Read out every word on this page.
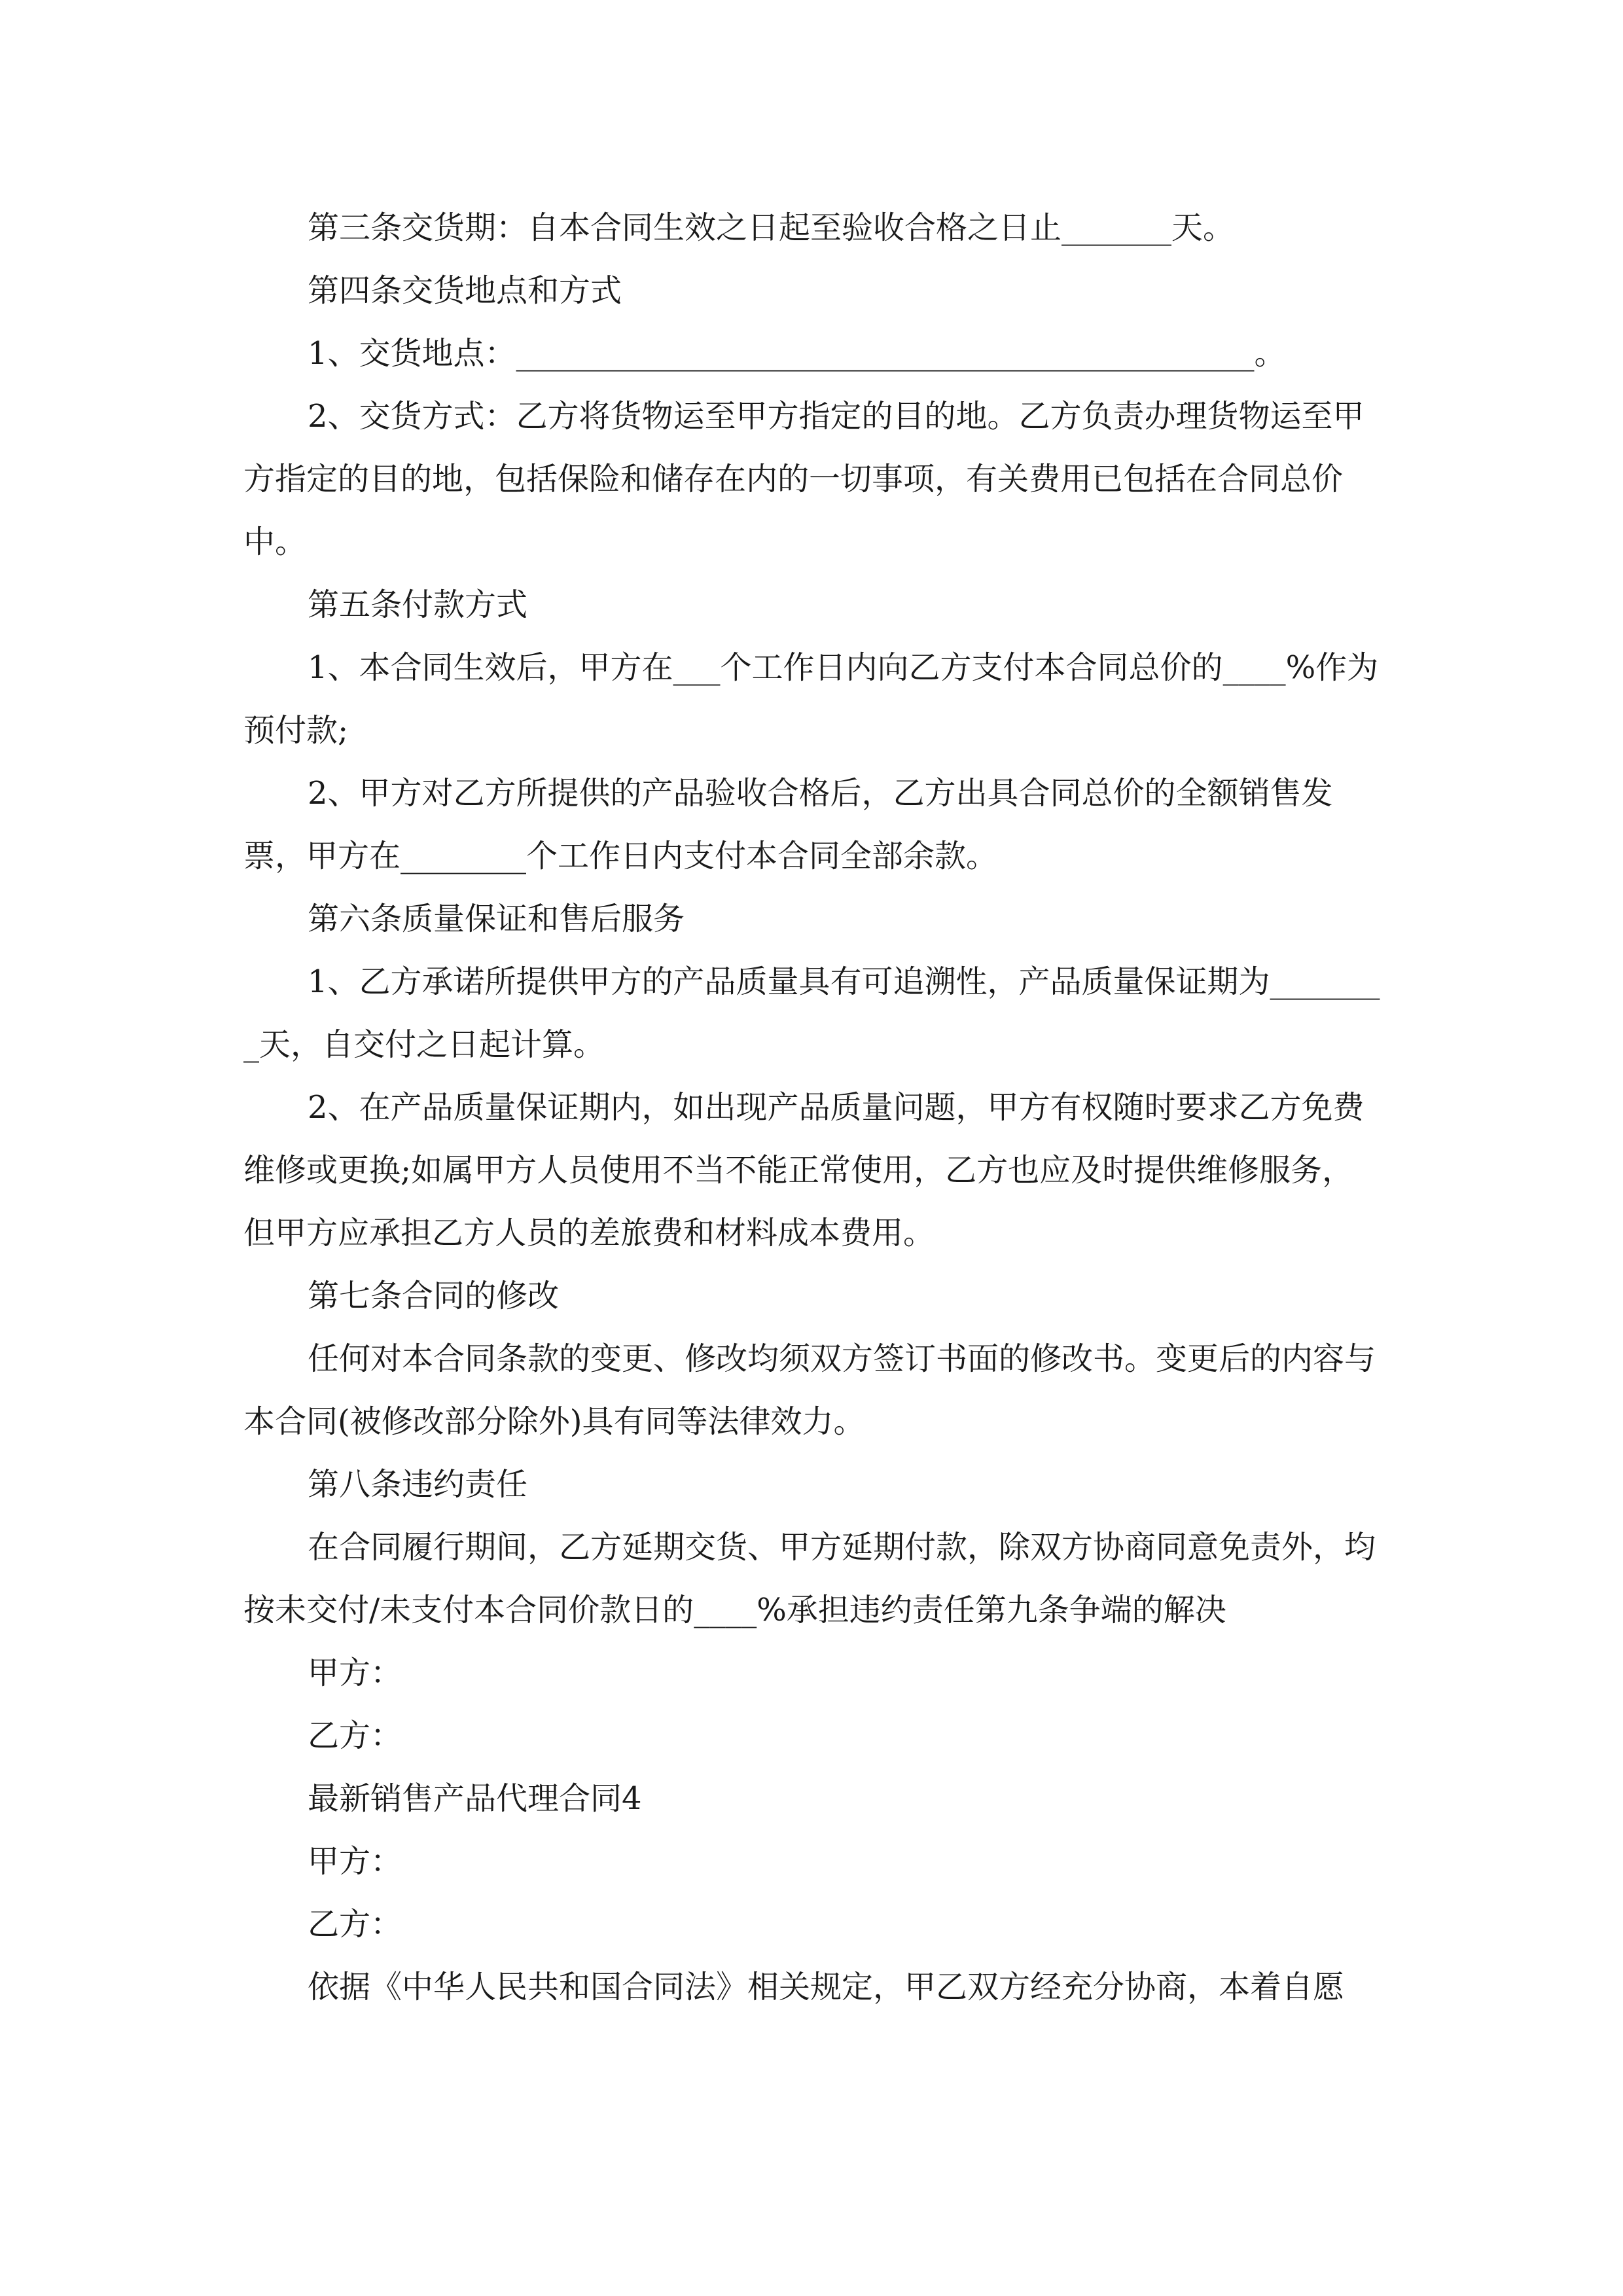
第三条交货期：自本合同生效之日起至验收合格之日止_______天。

第四条交货地点和方式

1、交货地点：_______________________________________________。

2、交货方式：乙方将货物运至甲方指定的目的地。乙方负责办理货物运至甲方指定的目的地，包括保险和储存在内的一切事项，有关费用已包括在合同总价中。

第五条付款方式

1、本合同生效后，甲方在___个工作日内向乙方支付本合同总价的____%作为预付款;

2、甲方对乙方所提供的产品验收合格后，乙方出具合同总价的全额销售发票，甲方在________个工作日内支付本合同全部余款。

第六条质量保证和售后服务

1、乙方承诺所提供甲方的产品质量具有可追溯性，产品质量保证期为________天，自交付之日起计算。

2、在产品质量保证期内，如出现产品质量问题，甲方有权随时要求乙方免费维修或更换;如属甲方人员使用不当不能正常使用，乙方也应及时提供维修服务，但甲方应承担乙方人员的差旅费和材料成本费用。

第七条合同的修改

任何对本合同条款的变更、修改均须双方签订书面的修改书。变更后的内容与本合同(被修改部分除外)具有同等法律效力。

第八条违约责任

在合同履行期间，乙方延期交货、甲方延期付款，除双方协商同意免责外，均按未交付/未支付本合同价款日的____%承担违约责任第九条争端的解决

甲方：

乙方：

最新销售产品代理合同4

甲方：

乙方：

依据《中华人民共和国合同法》相关规定，甲乙双方经充分协商，本着自愿
